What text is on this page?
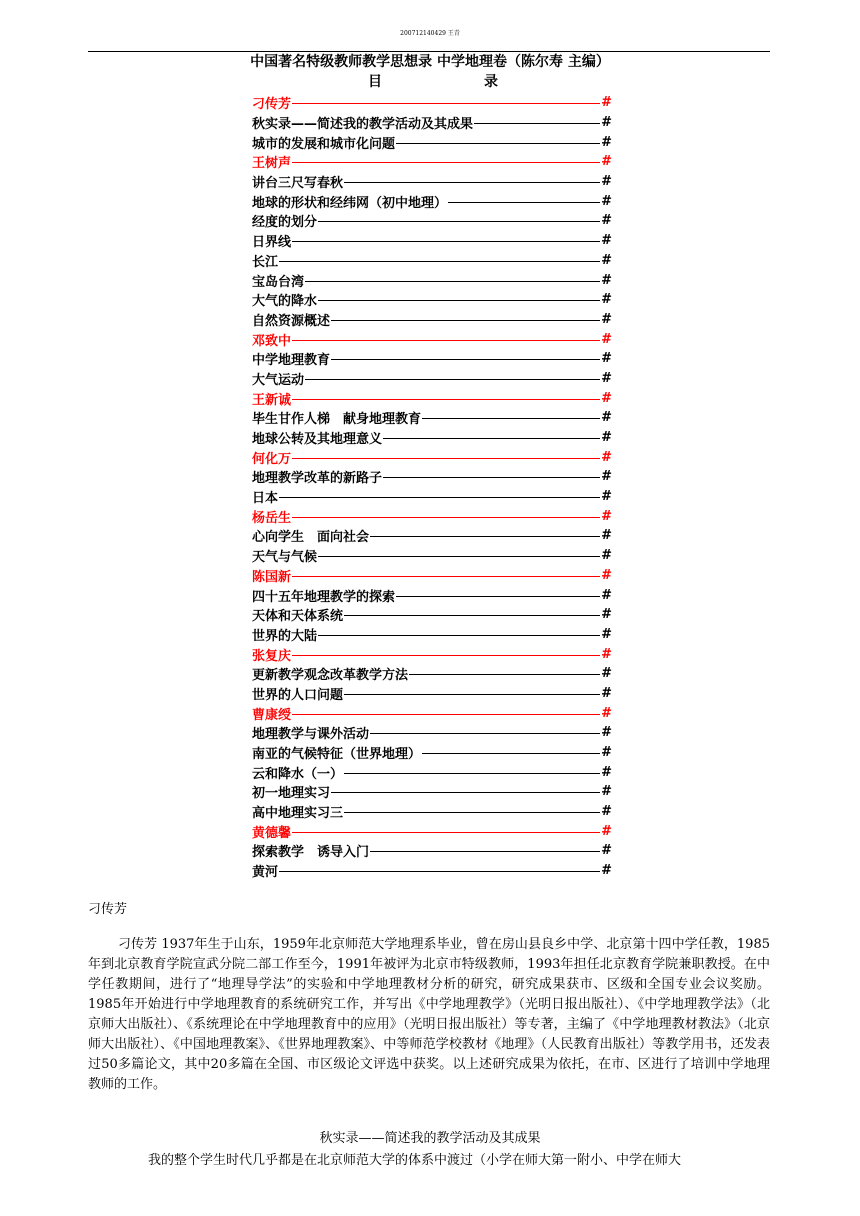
200712140429 王青
中国著名特级教师教学思想录 中学地理卷（陈尔寿 主编）
目	录
刁传芳	#
秋实录——简述我的教学活动及其成果	#
城市的发展和城市化问题	#
王树声	#
讲台三尺写春秋	#
地球的形状和经纬网（初中地理）	#
经度的划分	#
日界线	#
长江	#
宝岛台湾	#
大气的降水	#
自然资源概述	#
邓致中	#
中学地理教育	#
大气运动	#
王新诚	#
毕生甘作人梯　献身地理教育	#
地球公转及其地理意义	#
何化万	#
地理教学改革的新路子	#
日本	#
杨岳生	#
心向学生　面向社会	#
天气与气候	#
陈国新	#
四十五年地理教学的探索	#
天体和天体系统	#
世界的大陆	#
张复庆	#
更新教学观念改革教学方法	#
世界的人口问题	#
曹康绶	#
地理教学与课外活动	#
南亚的气候特征（世界地理）	#
云和降水（一）	#
初一地理实习	#
高中地理实习三	#
黄德馨	#
探索教学　诱导入门	#
黄河	#
刁传芳

刁传芳 1937年生于山东，1959年北京师范大学地理系毕业，曾在房山县良乡中学、北京第十四中学任教，1985年到北京教育学院宣武分院二部工作至今，1991年被评为北京市特级教师，1993年担任北京教育学院兼职教授。在中学任教期间，进行了“地理导学法”的实验和中学地理教材分析的研究，研究成果获市、区级和全国专业会议奖励。1985年开始进行中学地理教育的系统研究工作，并写出《中学地理教学》（光明日报出版社）、《中学地理教学法》（北京师大出版社）、《系统理论在中学地理教育中的应用》（光明日报出版社）等专著，主编了《中学地理教材教法》（北京师大出版社）、《中国地理教案》、《世界地理教案》、中等师范学校教材《地理》（人民教育出版社）等教学用书，还发表过50多篇论文，其中20多篇在全国、市区级论文评选中获奖。以上述研究成果为依托，在市、区进行了培训中学地理教师的工作。

秋实录——简述我的教学活动及其成果

我的整个学生时代几乎都是在北京师范大学的体系中渡过（小学在师大第一附小、中学在师大
